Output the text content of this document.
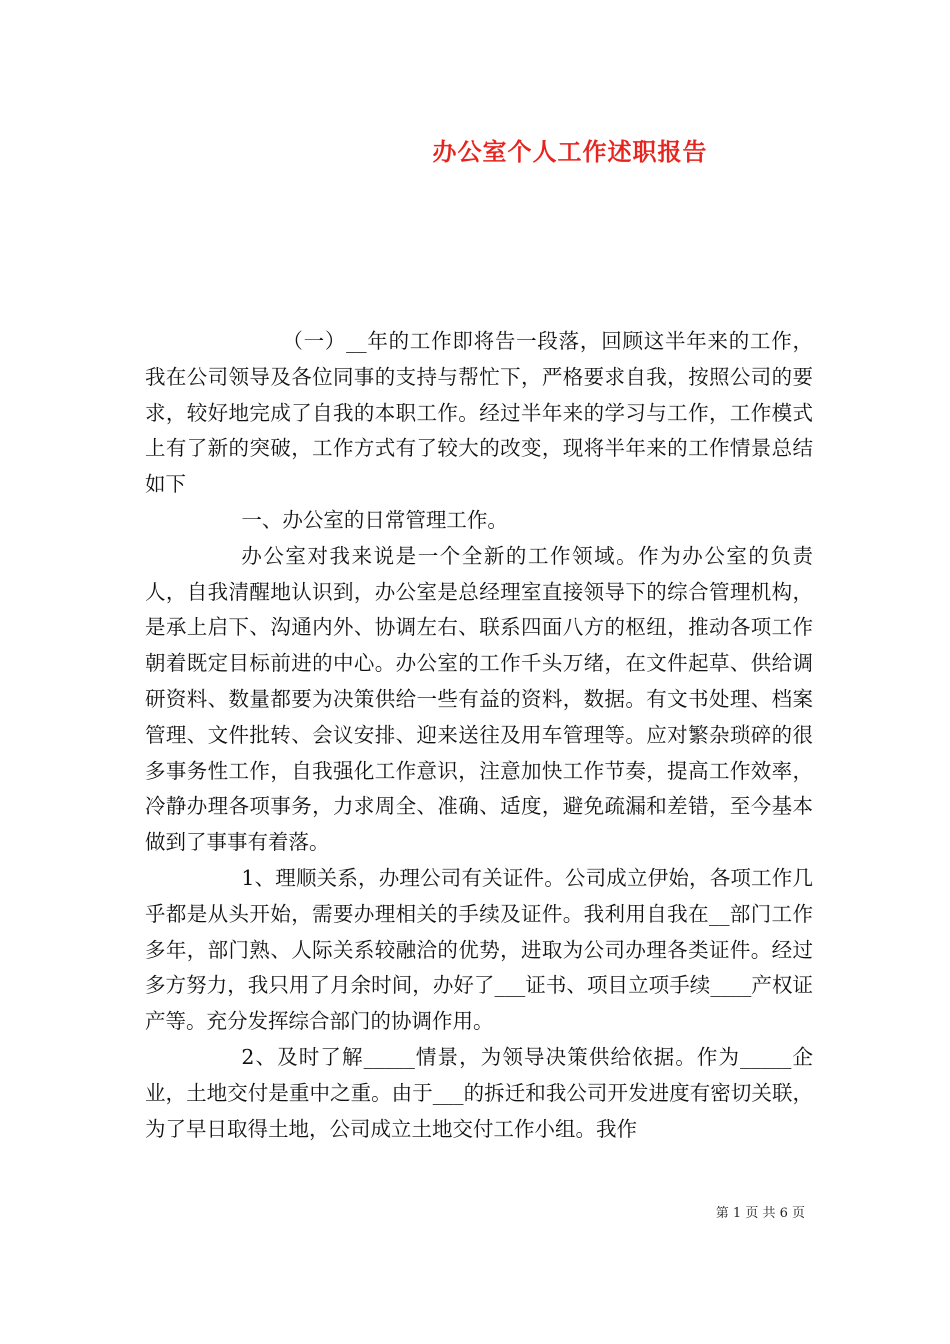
办公室个人工作述职报告

（一）__年的工作即将告一段落，回顾这半年来的工作，我在公司领导及各位同事的支持与帮忙下，严格要求自我，按照公司的要求，较好地完成了自我的本职工作。经过半年来的学习与工作，工作模式上有了新的突破，工作方式有了较大的改变，现将半年来的工作情景总结如下

一、办公室的日常管理工作。

办公室对我来说是一个全新的工作领域。作为办公室的负责人，自我清醒地认识到，办公室是总经理室直接领导下的综合管理机构，是承上启下、沟通内外、协调左右、联系四面八方的枢纽，推动各项工作朝着既定目标前进的中心。办公室的工作千头万绪，在文件起草、供给调研资料、数量都要为决策供给一些有益的资料，数据。有文书处理、档案管理、文件批转、会议安排、迎来送往及用车管理等。应对繁杂琐碎的很多事务性工作，自我强化工作意识，注意加快工作节奏，提高工作效率，冷静办理各项事务，力求周全、准确、适度，避免疏漏和差错，至今基本做到了事事有着落。

1、理顺关系，办理公司有关证件。公司成立伊始，各项工作几乎都是从头开始，需要办理相关的手续及证件。我利用自我在__部门工作多年，部门熟、人际关系较融洽的优势，进取为公司办理各类证件。经过多方努力，我只用了月余时间，办好了___证书、项目立项手续____产权证产等。充分发挥综合部门的协调作用。

2、及时了解_____情景，为领导决策供给依据。作为_____企业，土地交付是重中之重。由于___的拆迁和我公司开发进度有密切关联，为了早日取得土地，公司成立土地交付工作小组。我作

第 1 页 共 6 页
